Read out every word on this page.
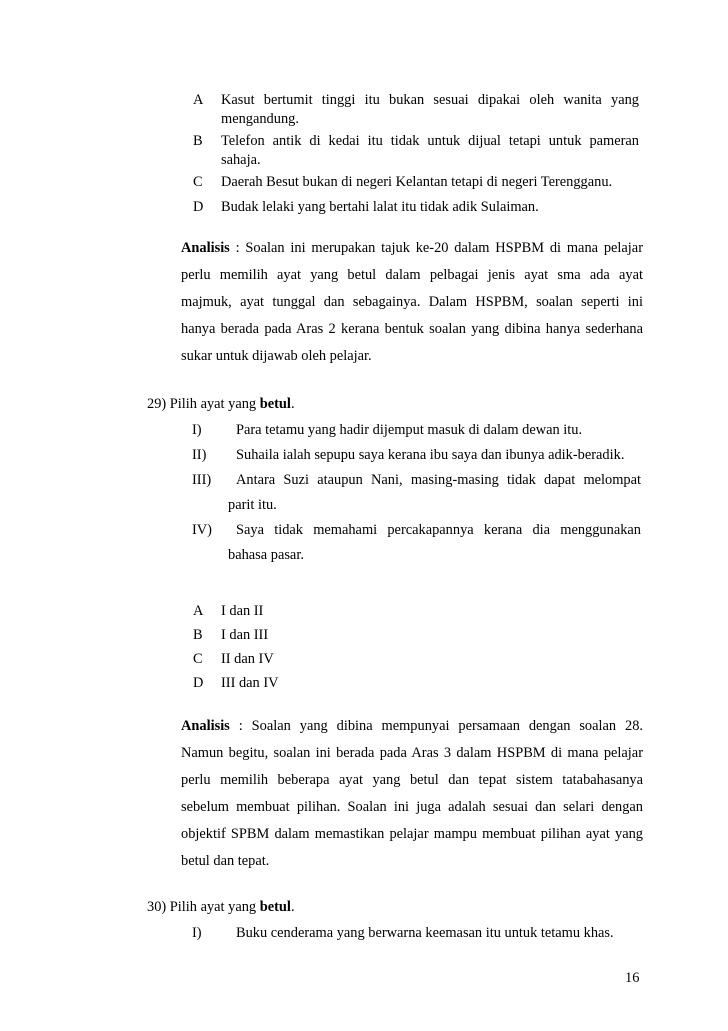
A Kasut bertumit tinggi itu bukan sesuai dipakai oleh wanita yang
mengandung.
B Telefon antik di kedai itu tidak untuk dijual tetapi untuk pameran
sahaja.
C Daerah Besut bukan di negeri Kelantan tetapi di negeri Terengganu.
D Budak lelaki yang bertahi lalat itu tidak adik Sulaiman.
Analisis : Soalan ini merupakan tajuk ke-20 dalam HSPBM di mana pelajar
perlu memilih ayat yang betul dalam pelbagai jenis ayat sma ada ayat
majmuk, ayat tunggal dan sebagainya. Dalam HSPBM, soalan seperti ini
hanya berada pada Aras 2 kerana bentuk soalan yang dibina hanya sederhana
sukar untuk dijawab oleh pelajar.
29) Pilih ayat yang betul.
I) Para tetamu yang hadir dijemput masuk di dalam dewan itu.
II) Suhaila ialah sepupu saya kerana ibu saya dan ibunya adik-beradik.
III) Antara Suzi ataupun Nani, masing-masing tidak dapat melompat
parit itu.
IV) Saya tidak memahami percakapannya kerana dia menggunakan
bahasa pasar.
A I dan II
B I dan III
C II dan IV
D III dan IV
Analisis : Soalan yang dibina mempunyai persamaan dengan soalan 28.
Namun begitu, soalan ini berada pada Aras 3 dalam HSPBM di mana pelajar
perlu memilih beberapa ayat yang betul dan tepat sistem tatabahasanya
sebelum membuat pilihan. Soalan ini juga adalah sesuai dan selari dengan
objektif SPBM dalam memastikan pelajar mampu membuat pilihan ayat yang
betul dan tepat.
30) Pilih ayat yang betul.
I) Buku cenderama yang berwarna keemasan itu untuk tetamu khas.
16
